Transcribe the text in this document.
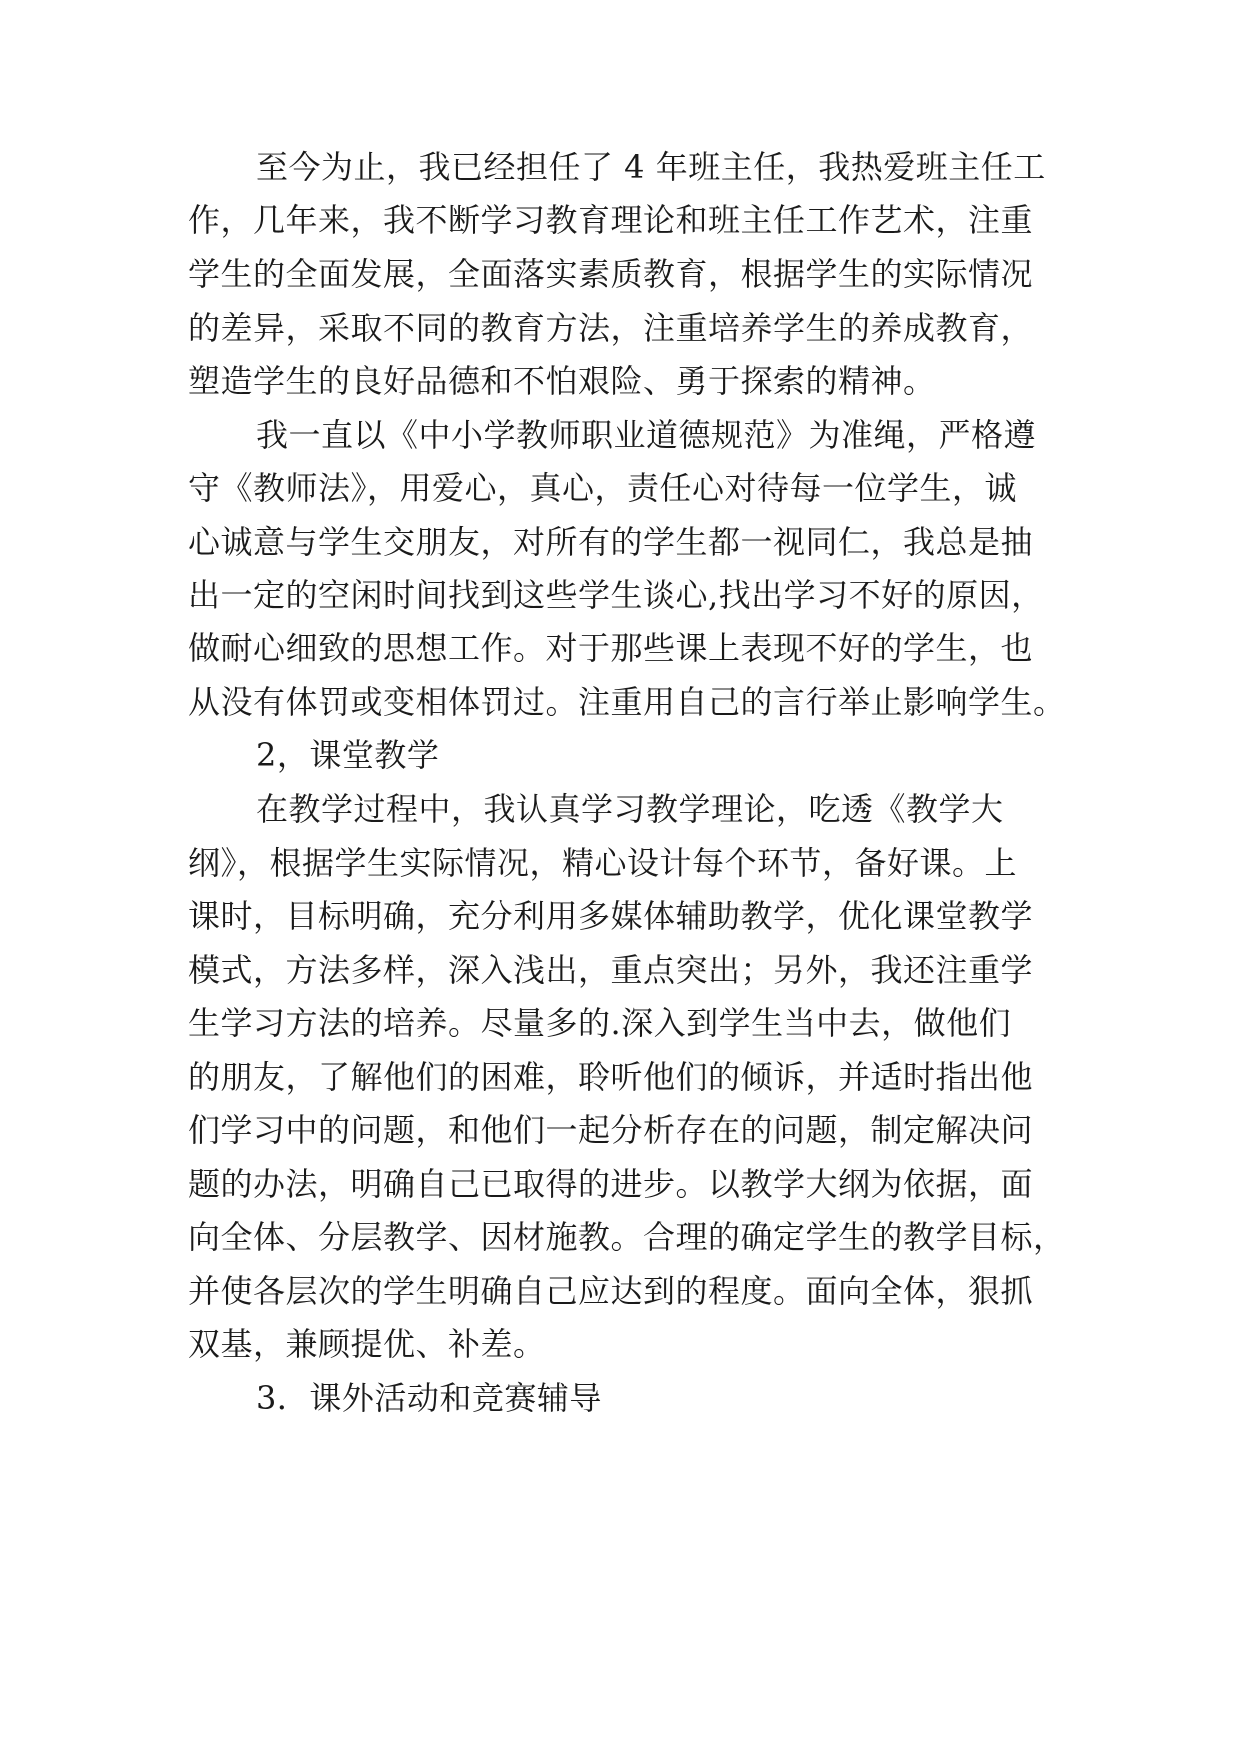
至今为止，我已经担任了 4 年班主任，我热爱班主任工

作，几年来，我不断学习教育理论和班主任工作艺术，注重

学生的全面发展，全面落实素质教育，根据学生的实际情况

的差异，采取不同的教育方法，注重培养学生的养成教育，

塑造学生的良好品德和不怕艰险、勇于探索的精神。

我一直以《中小学教师职业道德规范》为准绳，严格遵

守《教师法》，用爱心，真心，责任心对待每一位学生，诚

心诚意与学生交朋友，对所有的学生都一视同仁，我总是抽

出一定的空闲时间找到这些学生谈心,找出学习不好的原因，

做耐心细致的思想工作。对于那些课上表现不好的学生，也

从没有体罚或变相体罚过。注重用自己的言行举止影响学生。

2，课堂教学

在教学过程中，我认真学习教学理论，吃透《教学大

纲》，根据学生实际情况，精心设计每个环节，备好课。上

课时，目标明确，充分利用多媒体辅助教学，优化课堂教学

模式，方法多样，深入浅出，重点突出；另外，我还注重学

生学习方法的培养。尽量多的.深入到学生当中去，做他们

的朋友，了解他们的困难，聆听他们的倾诉，并适时指出他

们学习中的问题，和他们一起分析存在的问题，制定解决问

题的办法，明确自己已取得的进步。以教学大纲为依据，面

向全体、分层教学、因材施教。合理的确定学生的教学目标，

并使各层次的学生明确自己应达到的程度。面向全体，狠抓

双基，兼顾提优、补差。

3．课外活动和竞赛辅导
